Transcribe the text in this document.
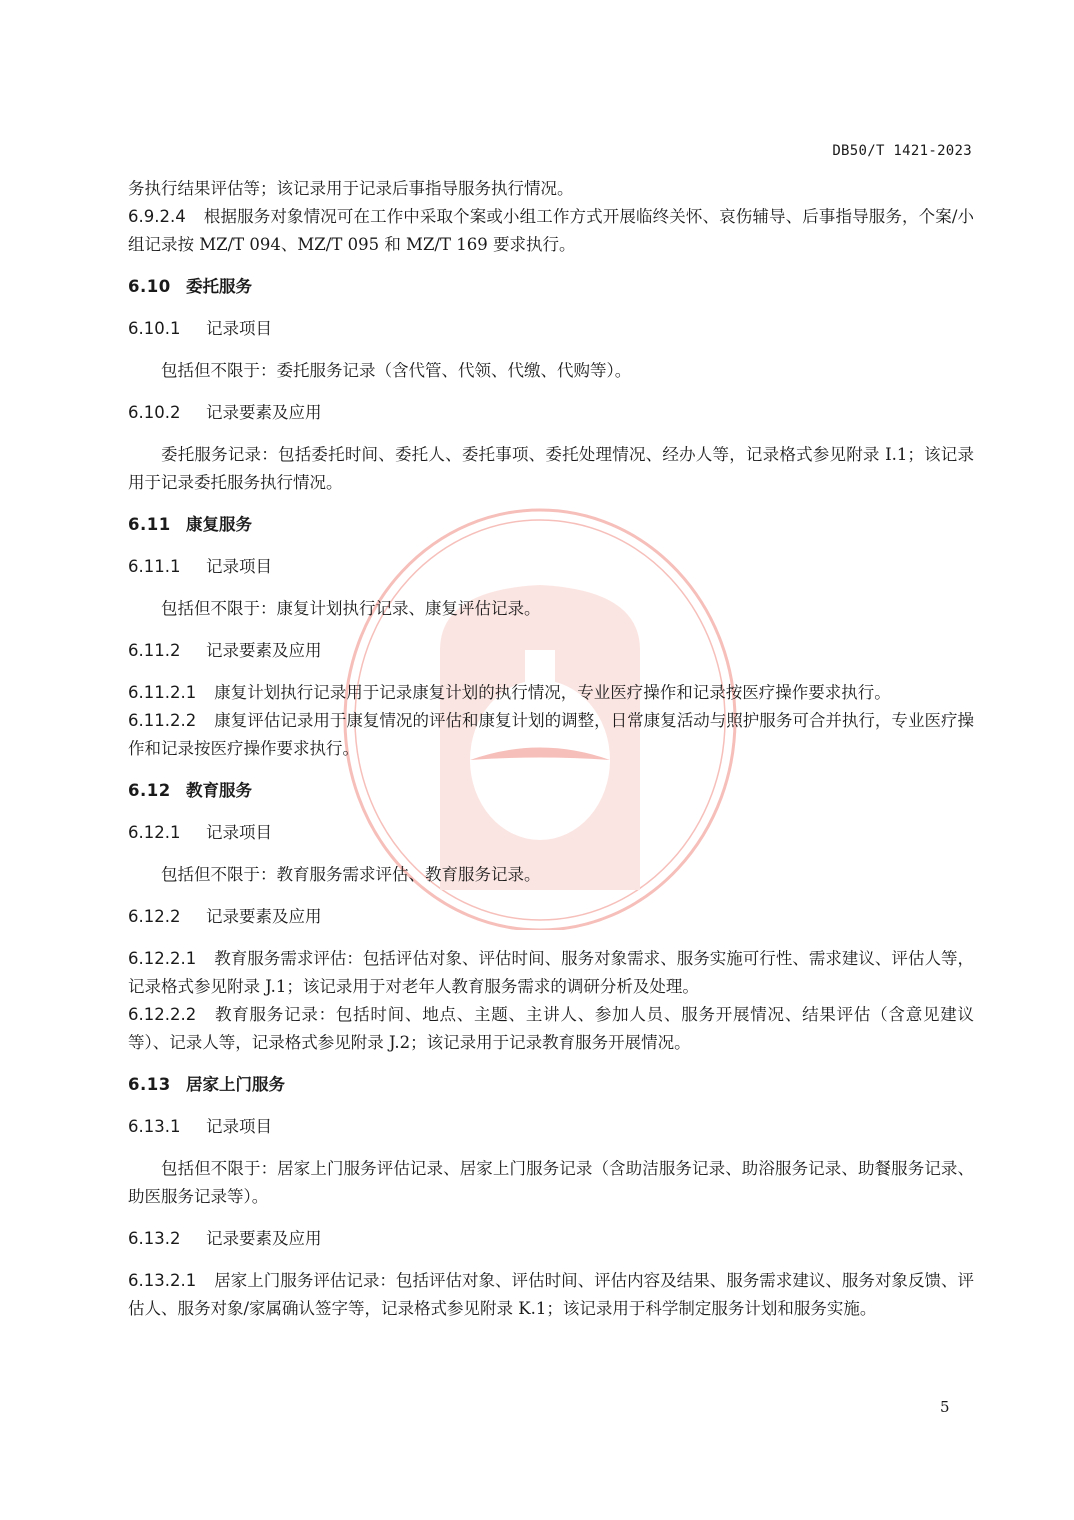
DB50/T 1421-2023

务执行结果评估等；该记录用于记录后事指导服务执行情况。

6.9.2.4 根据服务对象情况可在工作中采取个案或小组工作方式开展临终关怀、哀伤辅导、后事指导服务，个案/小组记录按 MZ/T 094、MZ/T 095 和 MZ/T 169 要求执行。

6.10 委托服务

6.10.1 记录项目

包括但不限于：委托服务记录（含代管、代领、代缴、代购等）。

6.10.2 记录要素及应用

委托服务记录：包括委托时间、委托人、委托事项、委托处理情况、经办人等，记录格式参见附录 I.1；该记录用于记录委托服务执行情况。

6.11 康复服务

6.11.1 记录项目

包括但不限于：康复计划执行记录、康复评估记录。

6.11.2 记录要素及应用

6.11.2.1 康复计划执行记录用于记录康复计划的执行情况，专业医疗操作和记录按医疗操作要求执行。

6.11.2.2 康复评估记录用于康复情况的评估和康复计划的调整，日常康复活动与照护服务可合并执行，专业医疗操作和记录按医疗操作要求执行。

6.12 教育服务

6.12.1 记录项目

包括但不限于：教育服务需求评估、教育服务记录。

6.12.2 记录要素及应用

6.12.2.1 教育服务需求评估：包括评估对象、评估时间、服务对象需求、服务实施可行性、需求建议、评估人等，记录格式参见附录 J.1；该记录用于对老年人教育服务需求的调研分析及处理。

6.12.2.2 教育服务记录：包括时间、地点、主题、主讲人、参加人员、服务开展情况、结果评估（含意见建议等）、记录人等，记录格式参见附录 J.2；该记录用于记录教育服务开展情况。

6.13 居家上门服务

6.13.1 记录项目

包括但不限于：居家上门服务评估记录、居家上门服务记录（含助洁服务记录、助浴服务记录、助餐服务记录、助医服务记录等）。

6.13.2 记录要素及应用

6.13.2.1 居家上门服务评估记录：包括评估对象、评估时间、评估内容及结果、服务需求建议、服务对象反馈、评估人、服务对象/家属确认签字等，记录格式参见附录 K.1；该记录用于科学制定服务计划和服务实施。

5
